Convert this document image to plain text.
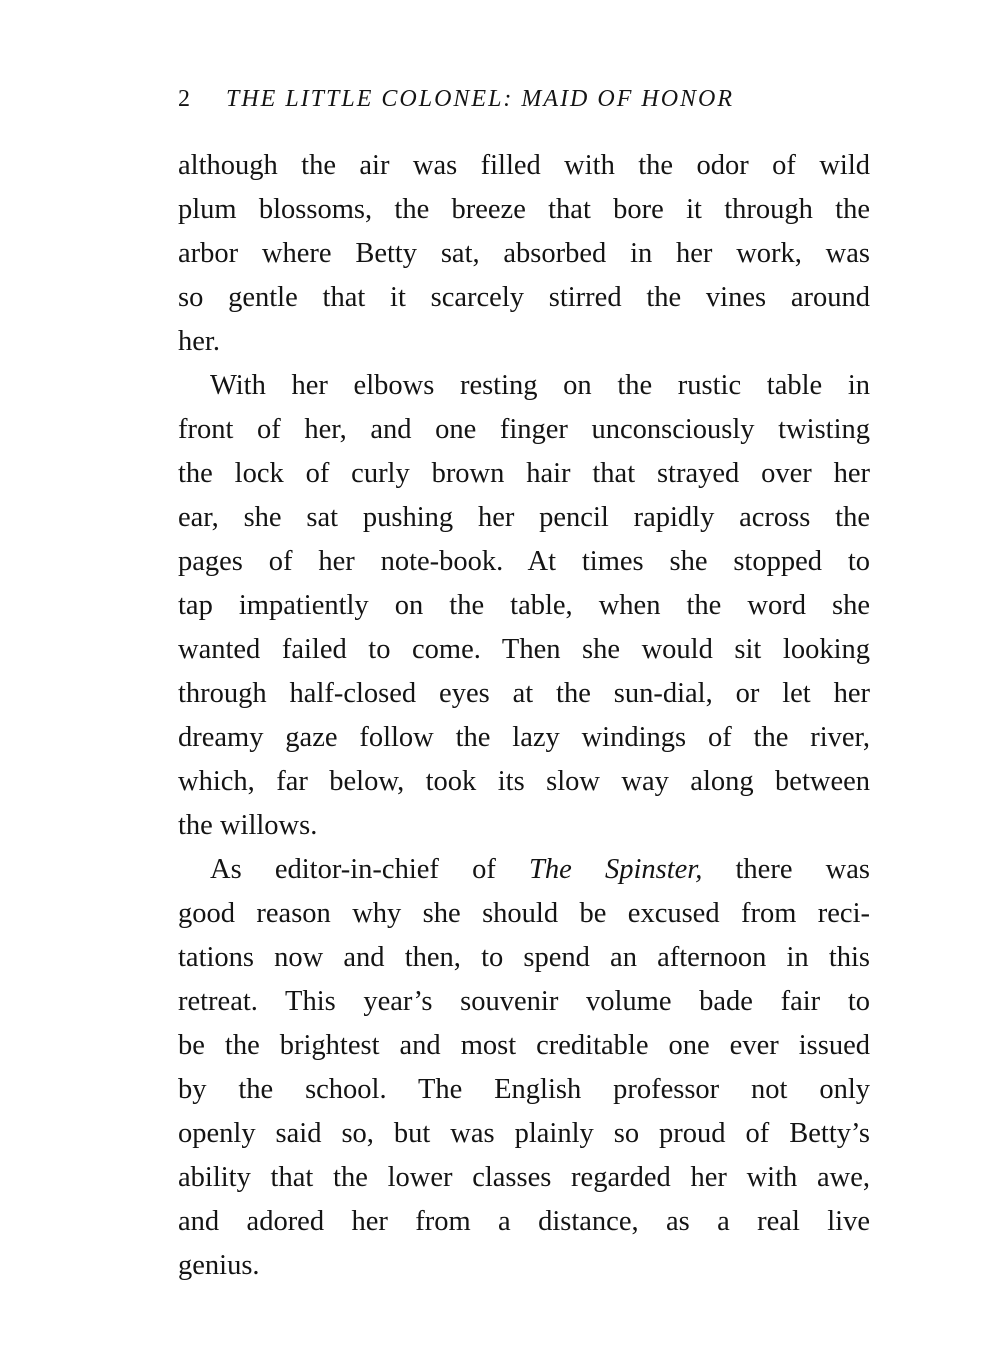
2 THE LITTLE COLONEL: MAID OF HONOR
although the air was filled with the odor of wild
plum blossoms, the breeze that bore it through the
arbor where Betty sat, absorbed in her work, was
so gentle that it scarcely stirred the vines around
her.
With her elbows resting on the rustic table in
front of her, and one finger unconsciously twisting
the lock of curly brown hair that strayed over her
ear, she sat pushing her pencil rapidly across the
pages of her note-book. At times she stopped to
tap impatiently on the table, when the word she
wanted failed to come. Then she would sit looking
through half-closed eyes at the sun-dial, or let her
dreamy gaze follow the lazy windings of the river,
which, far below, took its slow way along between
the willows.
As editor-in-chief of The Spinster, there was
good reason why she should be excused from reci-
tations now and then, to spend an afternoon in this
retreat. This year’s souvenir volume bade fair to
be the brightest and most creditable one ever issued
by the school. The English professor not only
openly said so, but was plainly so proud of Betty’s
ability that the lower classes regarded her with awe,
and adored her from a distance, as a real live
genius.
